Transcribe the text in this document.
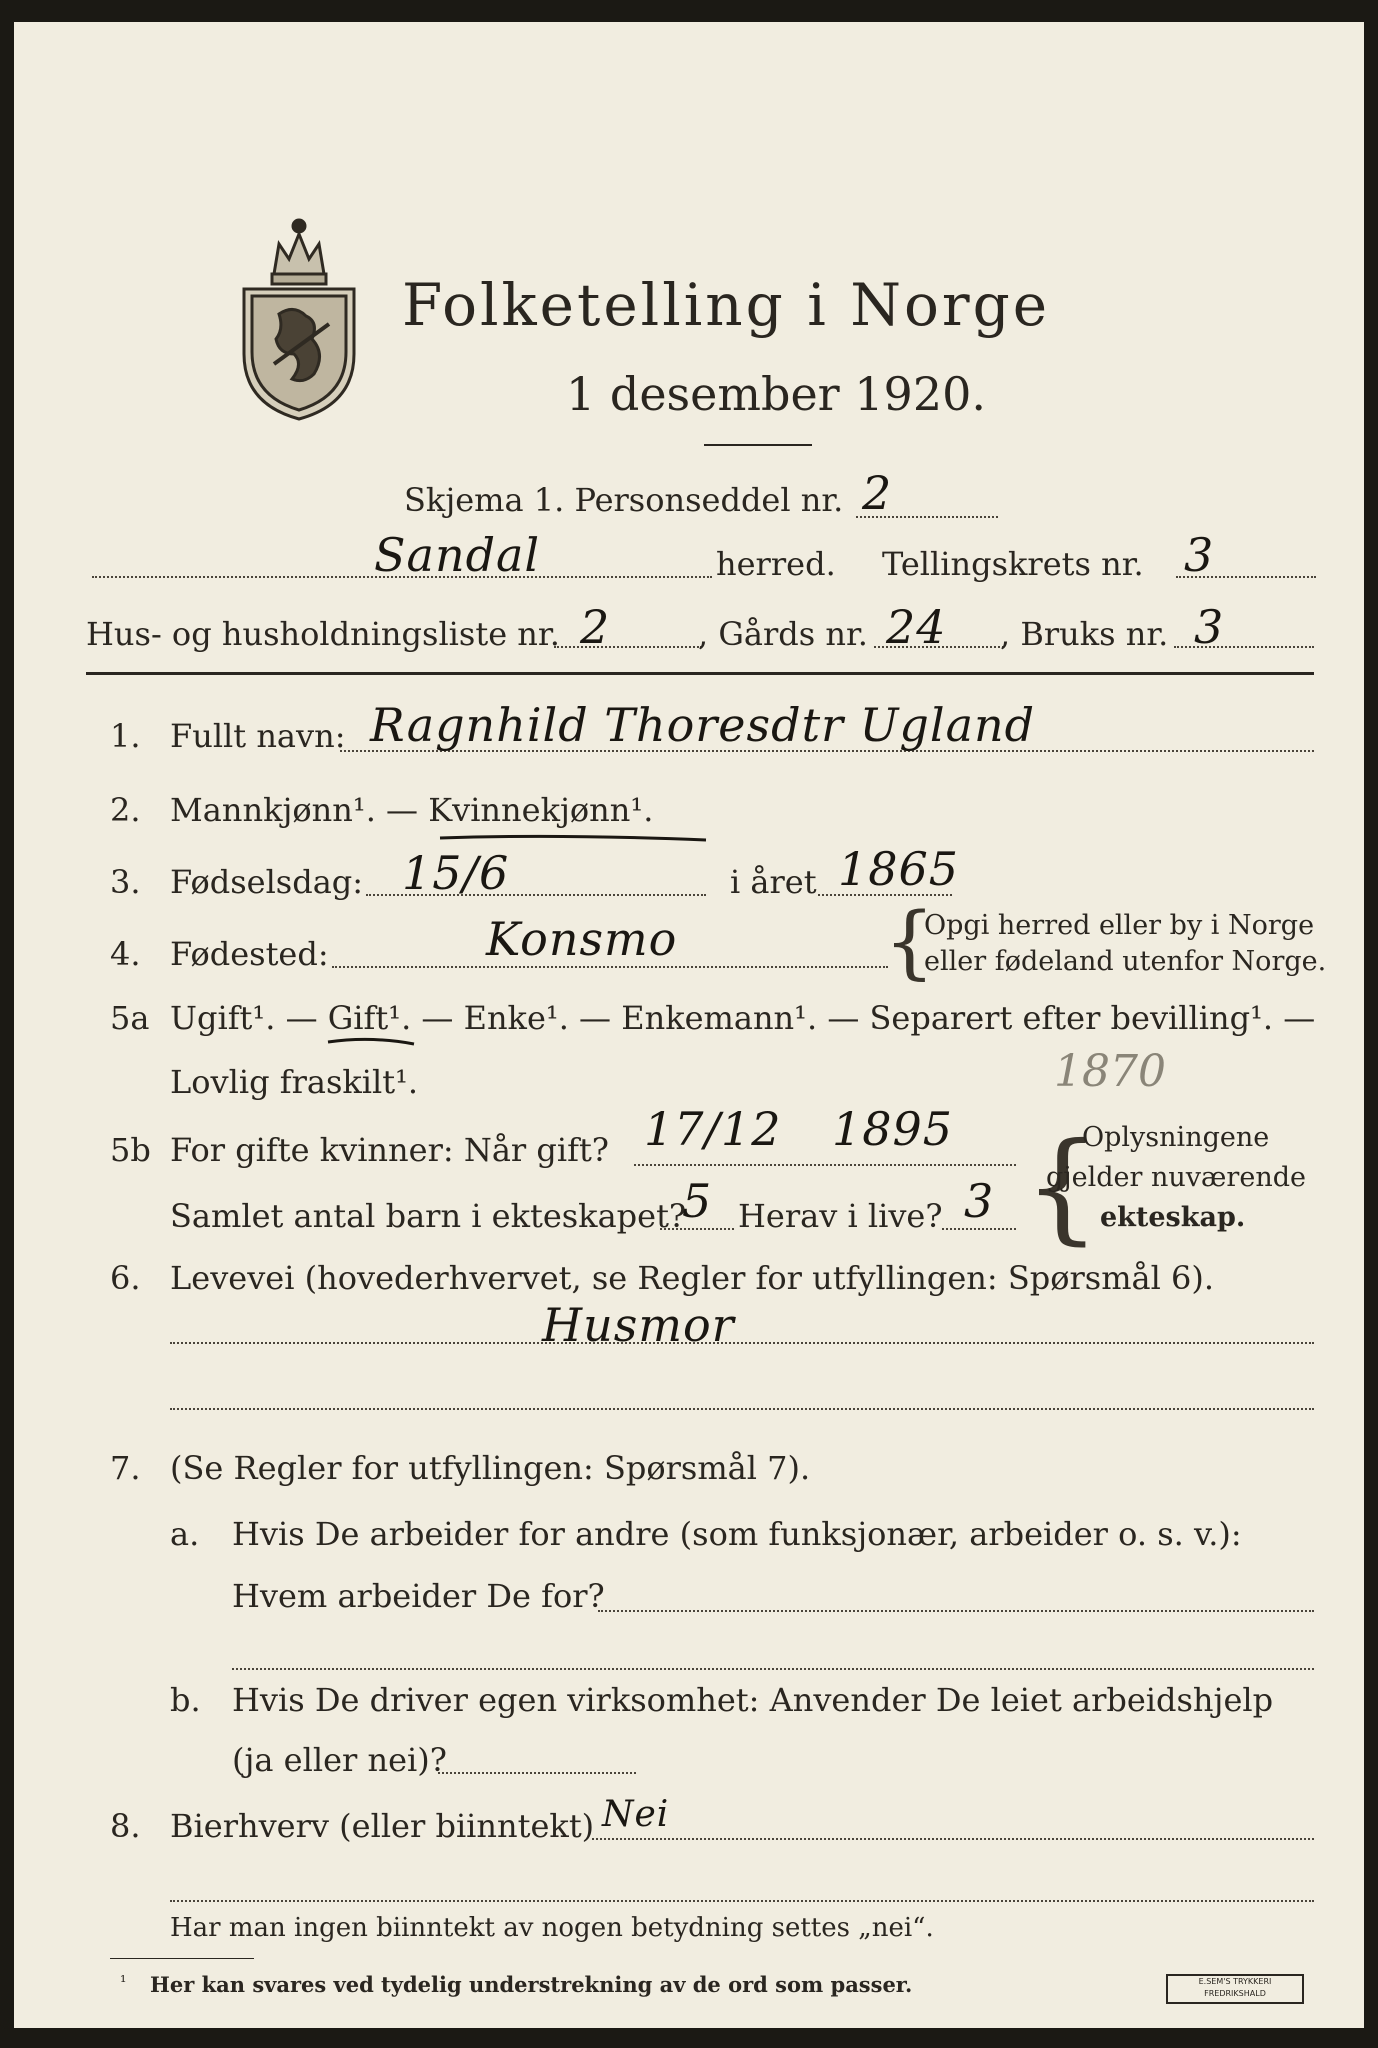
Folketelling i Norge
1 desember 1920.
Skjema 1. Personseddel nr. 2
Sandal	herred. Tellingskrets nr. 3
Hus- og husholdningsliste nr. 2	, Gårds nr. 24 , Bruks nr. 3
1. Fullt navn: Ragnhild Thoresdtr Ugland
2. Mannkjønn¹. — Kvinnekjønn¹.
3. Fødselsdag: 15/6	i året 1865
4. Fødested:	Konsmo	{
Opgi herred eller by i Norge
eller fødeland utenfor Norge.
5a Ugift¹. — Gift¹. — Enke¹. — Enkemann¹. — Separert efter bevilling¹. —
Lovlig fraskilt¹.	1870
5b For gifte kvinner: Når gift? 17/12 1895
Samlet antal barn i ekteskapet?
5 Herav i live? 3 {
Oplysningene
gjelder nuværende
ekteskap.
6. Levevei (hovederhvervet, se Regler for utfyllingen: Spørsmål 6).
Husmor
7. (Se Regler for utfyllingen: Spørsmål 7).
a. Hvis De arbeider for andre (som funksjonær, arbeider o. s. v.):
Hvem arbeider De for?
b. Hvis De driver egen virksomhet: Anvender De leiet arbeidshjelp
(ja eller nei)?
8. Bierhverv (eller biinntekt) Nei
Har man ingen biinntekt av nogen betydning settes „nei“.
¹ Her kan svares ved tydelig understrekning av de ord som passer.	E.SEM'S TRYKKERI
FREDRIKSHALD
